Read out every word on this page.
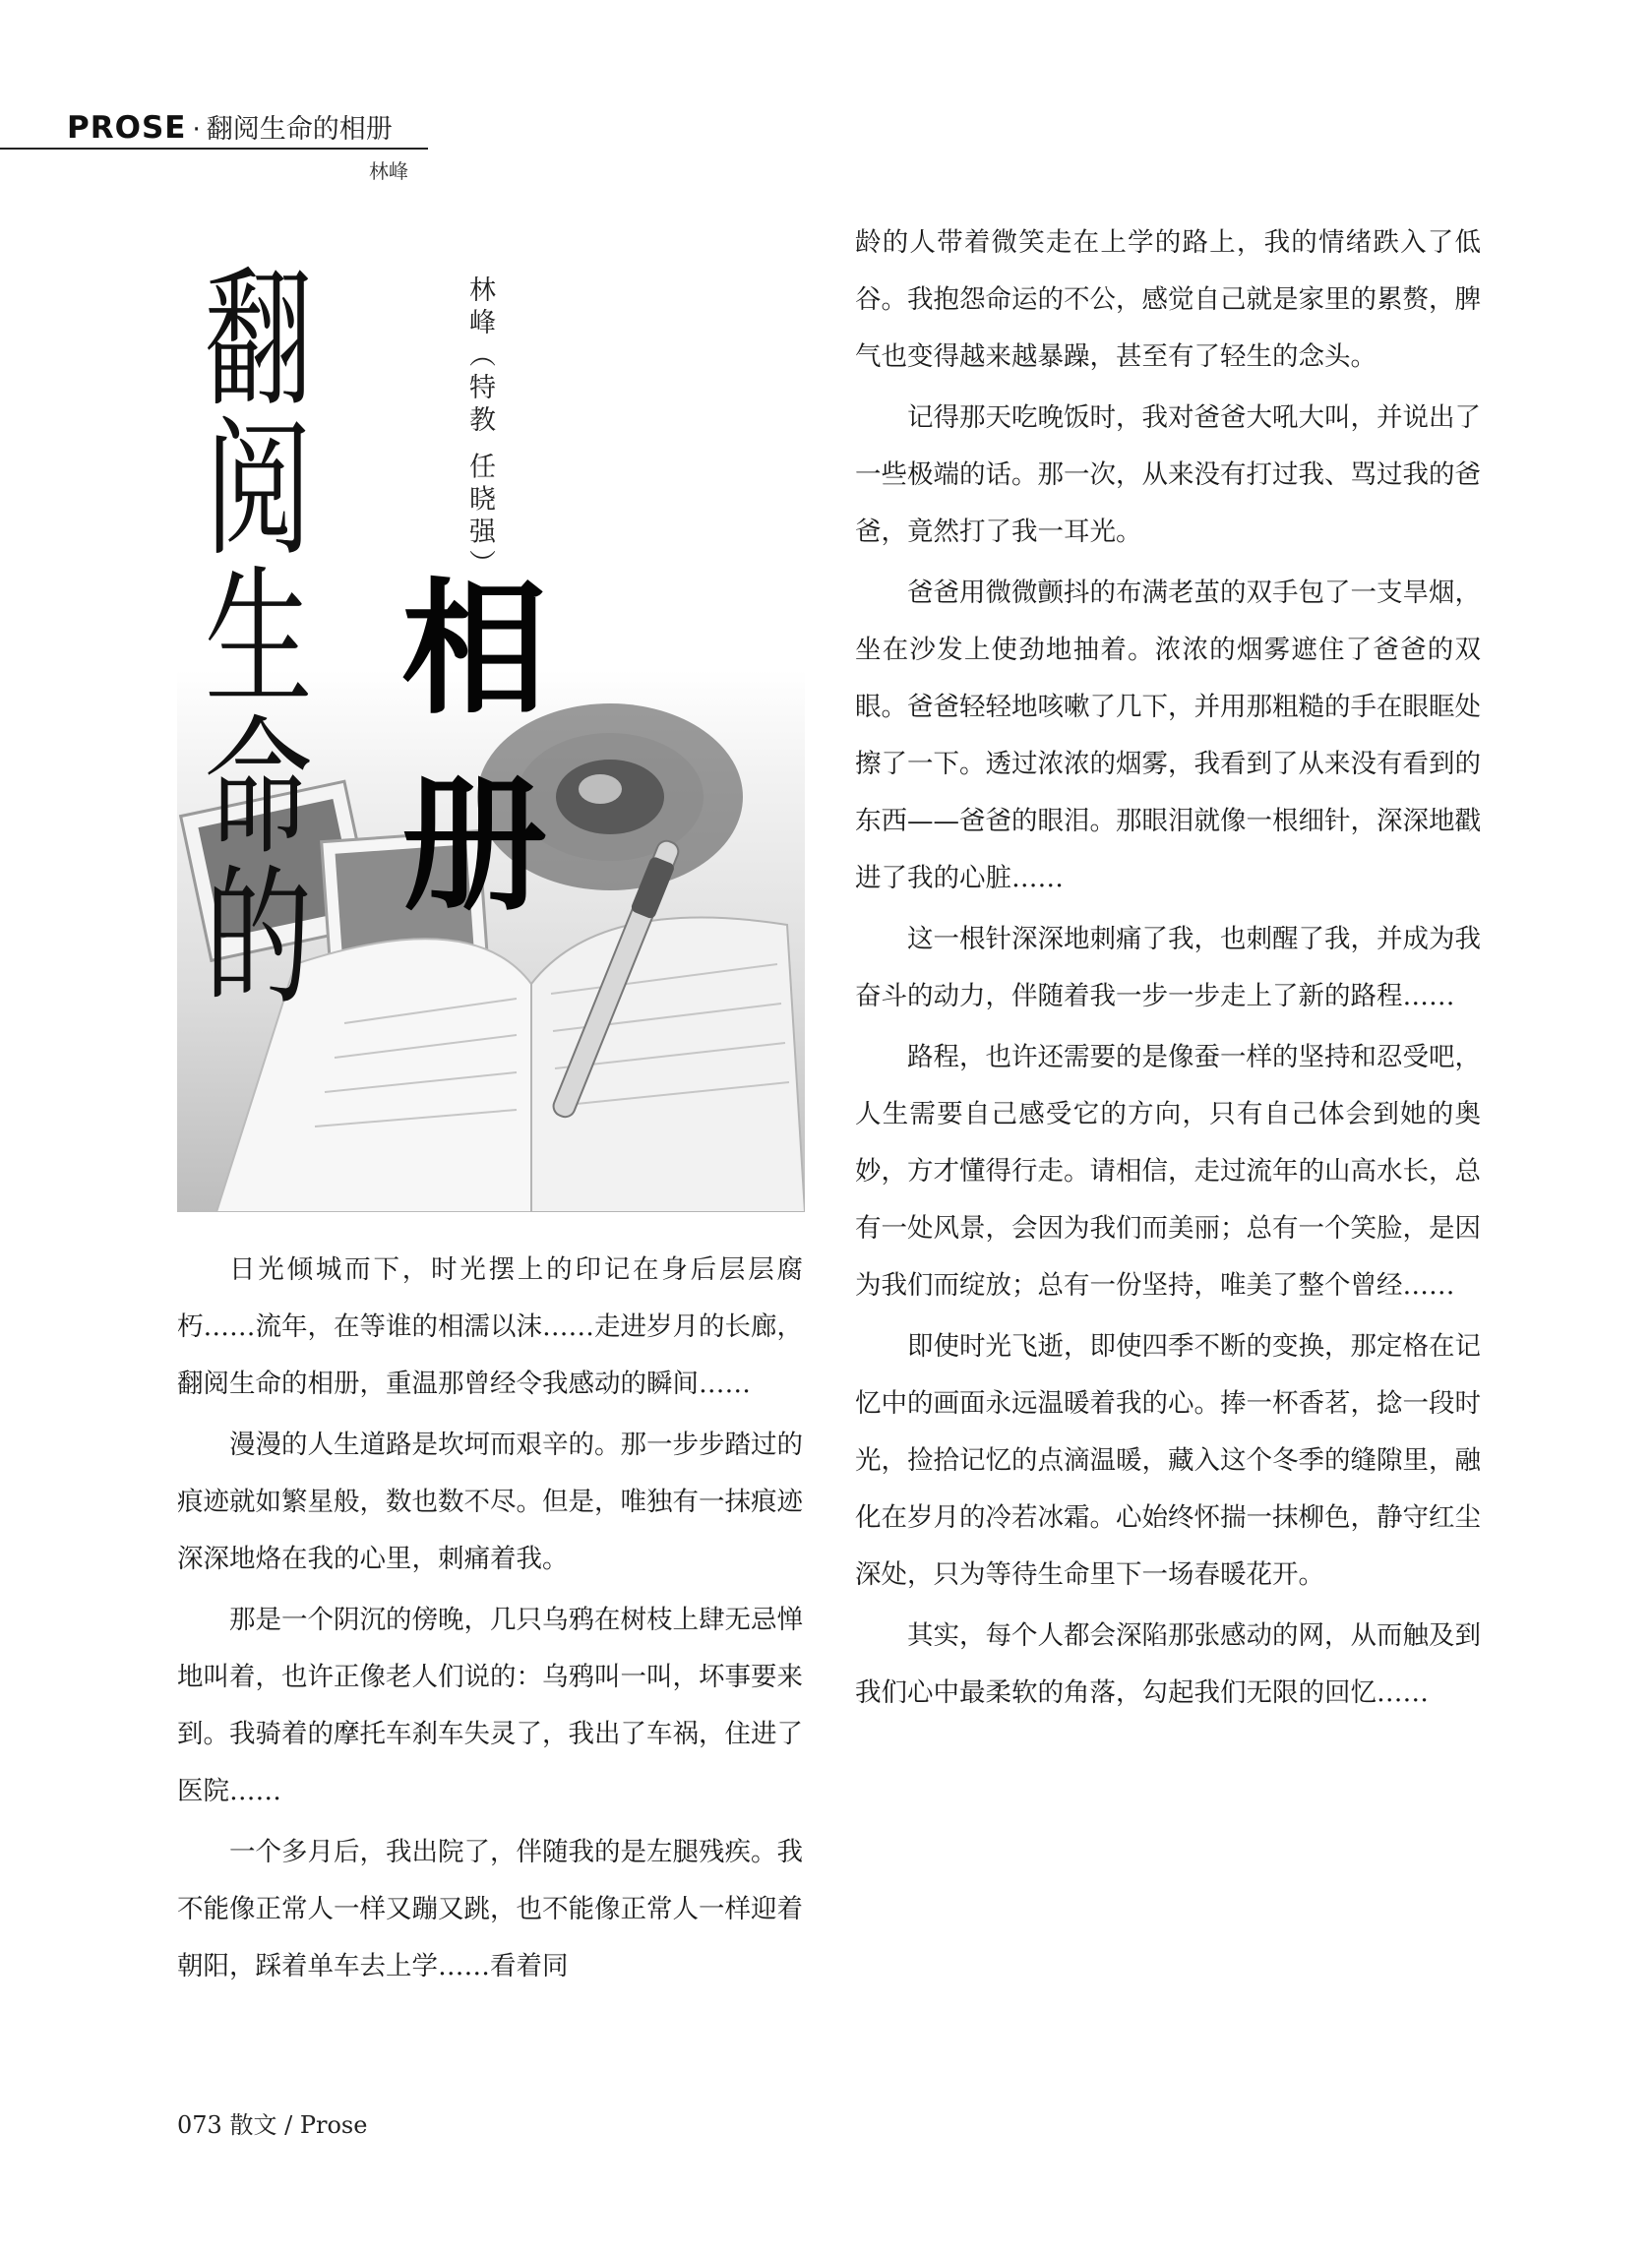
PROSE · 翻阅生命的相册
林峰
翻
阅
生
命
的
林峰（特教 任晓强）
相
册

日光倾城而下，时光摆上的印记在身后层层腐朽……流年，在等谁的相濡以沫……走进岁月的长廊，翻阅生命的相册，重温那曾经令我感动的瞬间……

漫漫的人生道路是坎坷而艰辛的。那一步步踏过的痕迹就如繁星般，数也数不尽。但是，唯独有一抹痕迹深深地烙在我的心里，刺痛着我。

那是一个阴沉的傍晚，几只乌鸦在树枝上肆无忌惮地叫着，也许正像老人们说的：乌鸦叫一叫，坏事要来到。我骑着的摩托车刹车失灵了，我出了车祸，住进了医院……

一个多月后，我出院了，伴随我的是左腿残疾。我不能像正常人一样又蹦又跳，也不能像正常人一样迎着朝阳，踩着单车去上学……看着同

龄的人带着微笑走在上学的路上，我的情绪跌入了低谷。我抱怨命运的不公，感觉自己就是家里的累赘，脾气也变得越来越暴躁，甚至有了轻生的念头。

记得那天吃晚饭时，我对爸爸大吼大叫，并说出了一些极端的话。那一次，从来没有打过我、骂过我的爸爸，竟然打了我一耳光。

爸爸用微微颤抖的布满老茧的双手包了一支旱烟，坐在沙发上使劲地抽着。浓浓的烟雾遮住了爸爸的双眼。爸爸轻轻地咳嗽了几下，并用那粗糙的手在眼眶处擦了一下。透过浓浓的烟雾，我看到了从来没有看到的东西——爸爸的眼泪。那眼泪就像一根细针，深深地戳进了我的心脏……

这一根针深深地刺痛了我，也刺醒了我，并成为我奋斗的动力，伴随着我一步一步走上了新的路程……

路程，也许还需要的是像蚕一样的坚持和忍受吧，人生需要自己感受它的方向，只有自己体会到她的奥妙，方才懂得行走。请相信，走过流年的山高水长，总有一处风景，会因为我们而美丽；总有一个笑脸，是因为我们而绽放；总有一份坚持，唯美了整个曾经……

即使时光飞逝，即使四季不断的变换，那定格在记忆中的画面永远温暖着我的心。捧一杯香茗，捻一段时光，捡拾记忆的点滴温暖，藏入这个冬季的缝隙里，融化在岁月的冷若冰霜。心始终怀揣一抹柳色，静守红尘深处，只为等待生命里下一场春暖花开。

其实，每个人都会深陷那张感动的网，从而触及到我们心中最柔软的角落，勾起我们无限的回忆……

073 散文 / Prose
